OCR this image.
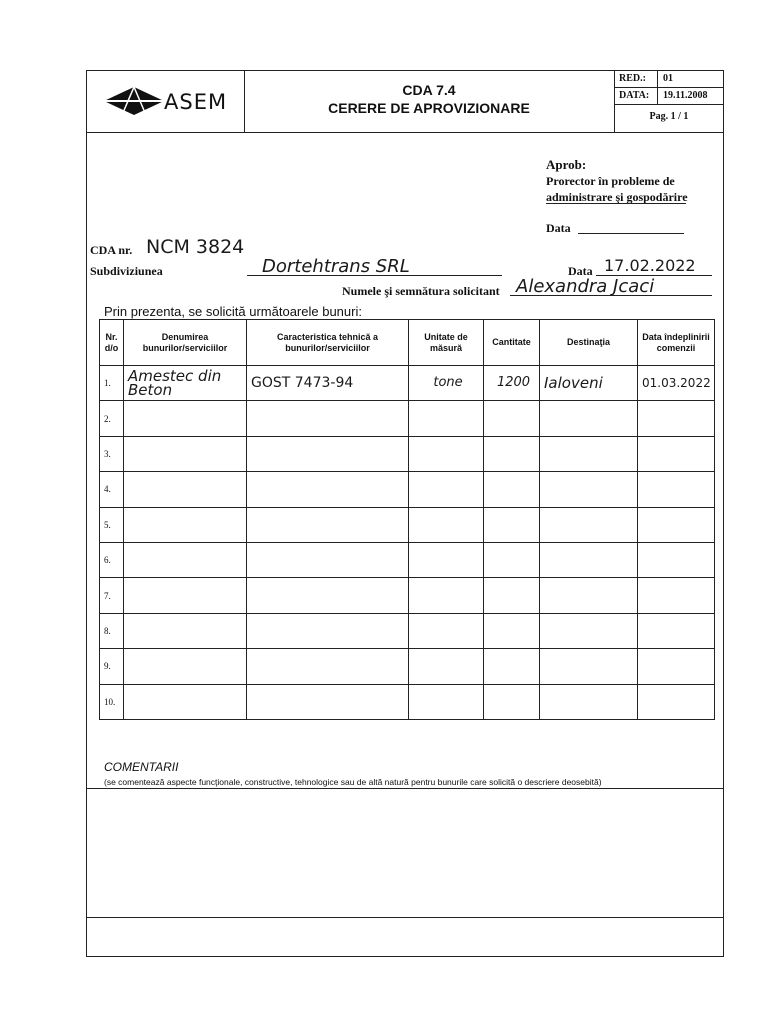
ASEM	CDA 7.4
CERERE DE APROVIZIONARE
RED.:	01
DATA:	19.11.2008
Pag. 1 / 1
Aprob:
Prorector în probleme de
administrare şi gospodărire
Data
CDA nr. NCM 3824
Subdiviziunea	Dortehtrans SRL	Data 17.02.2022
Numele şi semnătura solicitant Alexandra Jcaci
Prin prezenta, se solicită următoarele bunuri:
Nr. d/o	Denumirea bunurilor/serviciilor	Caracteristica tehnică a bunurilor/serviciilor	Unitate de măsură	Cantitate	Destinaţia	Data îndeplinirii comenzii
1.	Amestec din Beton	GOST 7473-94	tone	1200	Ialoveni	01.03.2022
2.						
3.						
4.						
5.						
6.						
7.						
8.						
9.						
10.						
COMENTARII
(se comentează aspecte funcţionale, constructive, tehnologice sau de altă natură pentru bunurile care solicită o descriere deosebită)
